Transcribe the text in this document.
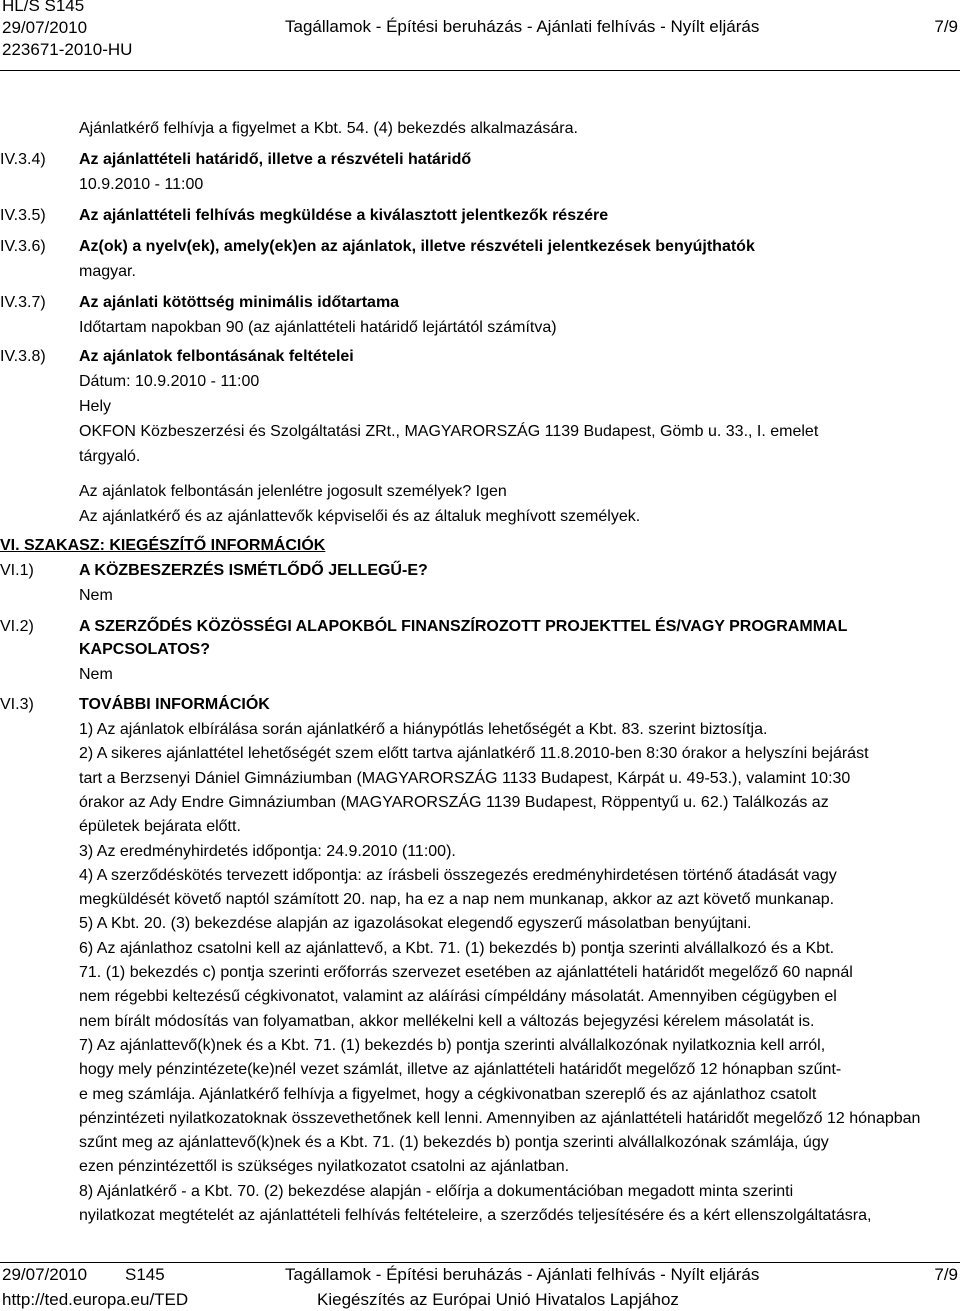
HL/S S145
29/07/2010
223671-2010-HU
Tagállamok - Építési beruházás - Ajánlati felhívás - Nyílt eljárás	7/9
Ajánlatkérő felhívja a figyelmet a Kbt. 54. (4) bekezdés alkalmazására.
IV.3.4) Az ajánlattételi határidő, illetve a részvételi határidő
10.9.2010 - 11:00
IV.3.5) Az ajánlattételi felhívás megküldése a kiválasztott jelentkezők részére
IV.3.6) Az(ok) a nyelv(ek), amely(ek)en az ajánlatok, illetve részvételi jelentkezések benyújthatók
magyar.
IV.3.7) Az ajánlati kötöttség minimális időtartama
Időtartam napokban 90 (az ajánlattételi határidő lejártától számítva)
IV.3.8) Az ajánlatok felbontásának feltételei
Dátum: 10.9.2010 - 11:00
Hely
OKFON Közbeszerzési és Szolgáltatási ZRt., MAGYARORSZÁG 1139 Budapest, Gömb u. 33., I. emelet
tárgyaló.
Az ajánlatok felbontásán jelenlétre jogosult személyek? Igen
Az ajánlatkérő és az ajánlattevők képviselői és az általuk meghívott személyek.
VI. SZAKASZ: KIEGÉSZÍTŐ INFORMÁCIÓK
VI.1)	A KÖZBESZERZÉS ISMÉTLŐDŐ JELLEGŰ-E?
Nem
VI.2)	A SZERZŐDÉS KÖZÖSSÉGI ALAPOKBÓL FINANSZÍROZOTT PROJEKTTEL ÉS/VAGY PROGRAMMAL
KAPCSOLATOS?
Nem
VI.3)	TOVÁBBI INFORMÁCIÓK
1) Az ajánlatok elbírálása során ajánlatkérő a hiánypótlás lehetőségét a Kbt. 83. szerint biztosítja.
2) A sikeres ajánlattétel lehetőségét szem előtt tartva ajánlatkérő 11.8.2010-ben 8:30 órakor a helyszíni bejárást
tart a Berzsenyi Dániel Gimnáziumban (MAGYARORSZÁG 1133 Budapest, Kárpát u. 49-53.), valamint 10:30
órakor az Ady Endre Gimnáziumban (MAGYARORSZÁG 1139 Budapest, Röppentyű u. 62.) Találkozás az
épületek bejárata előtt.
3) Az eredményhirdetés időpontja: 24.9.2010 (11:00).
4) A szerződéskötés tervezett időpontja: az írásbeli összegezés eredményhirdetésen történő átadását vagy
megküldését követő naptól számított 20. nap, ha ez a nap nem munkanap, akkor az azt követő munkanap.
5) A Kbt. 20. (3) bekezdése alapján az igazolásokat elegendő egyszerű másolatban benyújtani.
6) Az ajánlathoz csatolni kell az ajánlattevő, a Kbt. 71. (1) bekezdés b) pontja szerinti alvállalkozó és a Kbt.
71. (1) bekezdés c) pontja szerinti erőforrás szervezet esetében az ajánlattételi határidőt megelőző 60 napnál
nem régebbi keltezésű cégkivonatot, valamint az aláírási címpéldány másolatát. Amennyiben cégügyben el
nem bírált módosítás van folyamatban, akkor mellékelni kell a változás bejegyzési kérelem másolatát is.
7) Az ajánlattevő(k)nek és a Kbt. 71. (1) bekezdés b) pontja szerinti alvállalkozónak nyilatkoznia kell arról,
hogy mely pénzintézete(ke)nél vezet számlát, illetve az ajánlattételi határidőt megelőző 12 hónapban szűnt-
e meg számlája. Ajánlatkérő felhívja a figyelmet, hogy a cégkivonatban szereplő és az ajánlathoz csatolt
pénzintézeti nyilatkozatoknak összevethetőnek kell lenni. Amennyiben az ajánlattételi határidőt megelőző 12 hónapban
szűnt meg az ajánlattevő(k)nek és a Kbt. 71. (1) bekezdés b) pontja szerinti alvállalkozónak számlája, úgy
ezen pénzintézettől is szükséges nyilatkozatot csatolni az ajánlatban.
8) Ajánlatkérő - a Kbt. 70. (2) bekezdése alapján - előírja a dokumentációban megadott minta szerinti
nyilatkozat megtételét az ajánlattételi felhívás feltételeire, a szerződés teljesítésére és a kért ellenszolgáltatásra,
29/07/2010 S145
http://ted.europa.eu/TED
Tagállamok - Építési beruházás - Ajánlati felhívás - Nyílt eljárás
Kiegészítés az Európai Unió Hivatalos Lapjához
7/9
